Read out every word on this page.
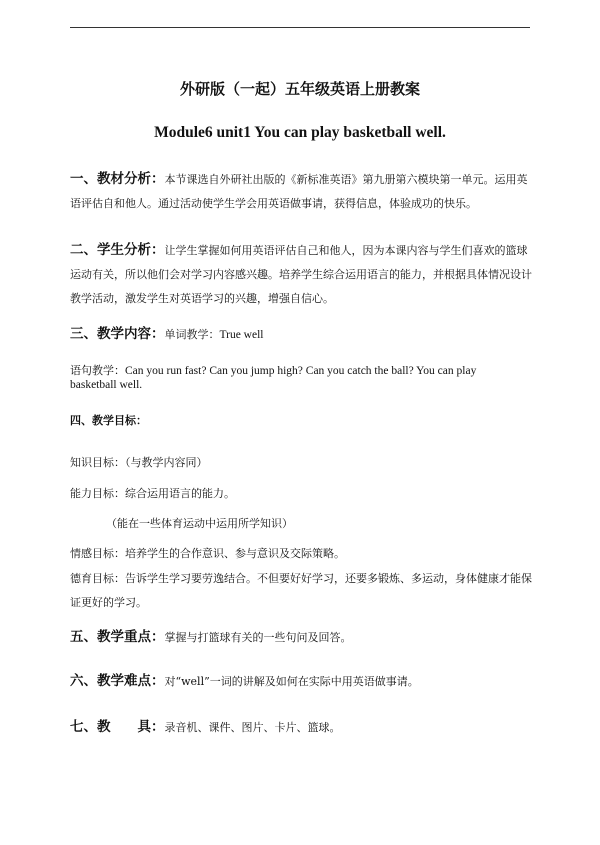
外研版（一起）五年级英语上册教案
Module6 unit1 You can play basketball well.
一、教材分析：本节课选自外研社出版的《新标准英语》第九册第六模块第一单元。运用英语评估自和他人。通过活动使学生学会用英语做事请，获得信息，体验成功的快乐。
二、学生分析：让学生掌握如何用英语评估自己和他人，因为本课内容与学生们喜欢的篮球运动有关，所以他们会对学习内容感兴趣。培养学生综合运用语言的能力，并根据具体情况设计教学活动，激发学生对英语学习的兴趣，增强自信心。
三、教学内容：单词教学：True well
语句教学：Can you run fast? Can you jump high? Can you catch the ball? You can play
basketball well.
四、教学目标：
知识目标：（与教学内容同）
能力目标：综合运用语言的能力。
（能在一些体育运动中运用所学知识）
情感目标：培养学生的合作意识、参与意识及交际策略。
德育目标：告诉学生学习要劳逸结合。不但要好好学习，还要多锻炼、多运动，身体健康才能保证更好的学习。
五、教学重点：掌握与打篮球有关的一些句问及回答。
六、教学难点：对“well”一词的讲解及如何在实际中用英语做事请。
七、教　　具：录音机、课件、图片、卡片、篮球。
